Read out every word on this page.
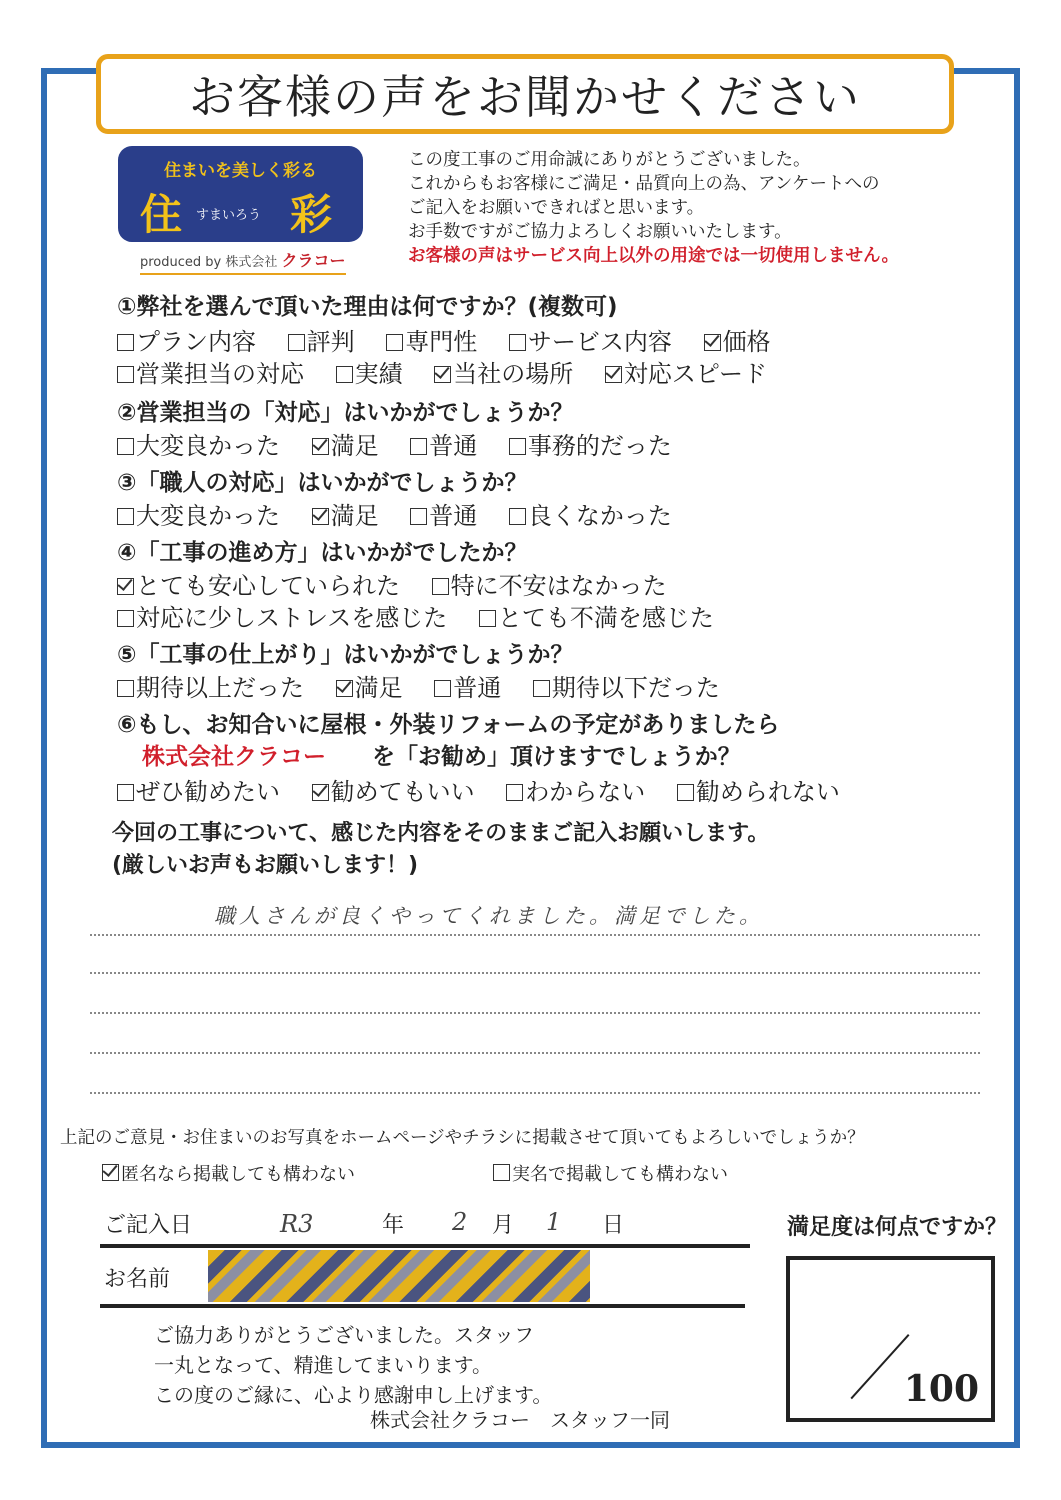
お客様の声をお聞かせください
住まいを美しく彩る
住 すまいろう 彩
produced by 株式会社 クラコー
この度工事のご用命誠にありがとうございました。
これからもお客様にご満足・品質向上の為、アンケートへの
ご記入をお願いできればと思います。
お手数ですがご協力よろしくお願いいたします。
お客様の声はサービス向上以外の用途では一切使用しません。
①弊社を選んで頂いた理由は何ですか？(複数可)
プラン内容 評判 専門性 サービス内容 価格
営業担当の対応 実績 当社の場所 対応スピード
②営業担当の「対応」はいかがでしょうか？
大変良かった 満足 普通 事務的だった
③「職人の対応」はいかがでしょうか？
大変良かった 満足 普通 良くなかった
④「工事の進め方」はいかがでしたか？
とても安心していられた 特に不安はなかった
対応に少しストレスを感じた とても不満を感じた
⑤「工事の仕上がり」はいかがでしょうか？
期待以上だった 満足 普通 期待以下だった
⑥もし、お知合いに屋根・外装リフォームの予定がありましたら
株式会社クラコー を「お勧め」頂けますでしょうか？
ぜひ勧めたい 勧めてもいい わからない 勧められない
今回の工事について、感じた内容をそのままご記入お願いします。
(厳しいお声もお願いします！)
職人さんが良くやってくれました。満足でした。
上記のご意見・お住まいのお写真をホームページやチラシに掲載させて頂いてもよろしいでしょうか？
匿名なら掲載しても構わない	実名で掲載しても構わない
ご記入日	R3	年 2 月 1 日
お名前
ご協力ありがとうございました。スタッフ
一丸となって、精進してまいります。
この度のご縁に、心より感謝申し上げます。
株式会社クラコー　スタッフ一同
満足度は何点ですか？
100
